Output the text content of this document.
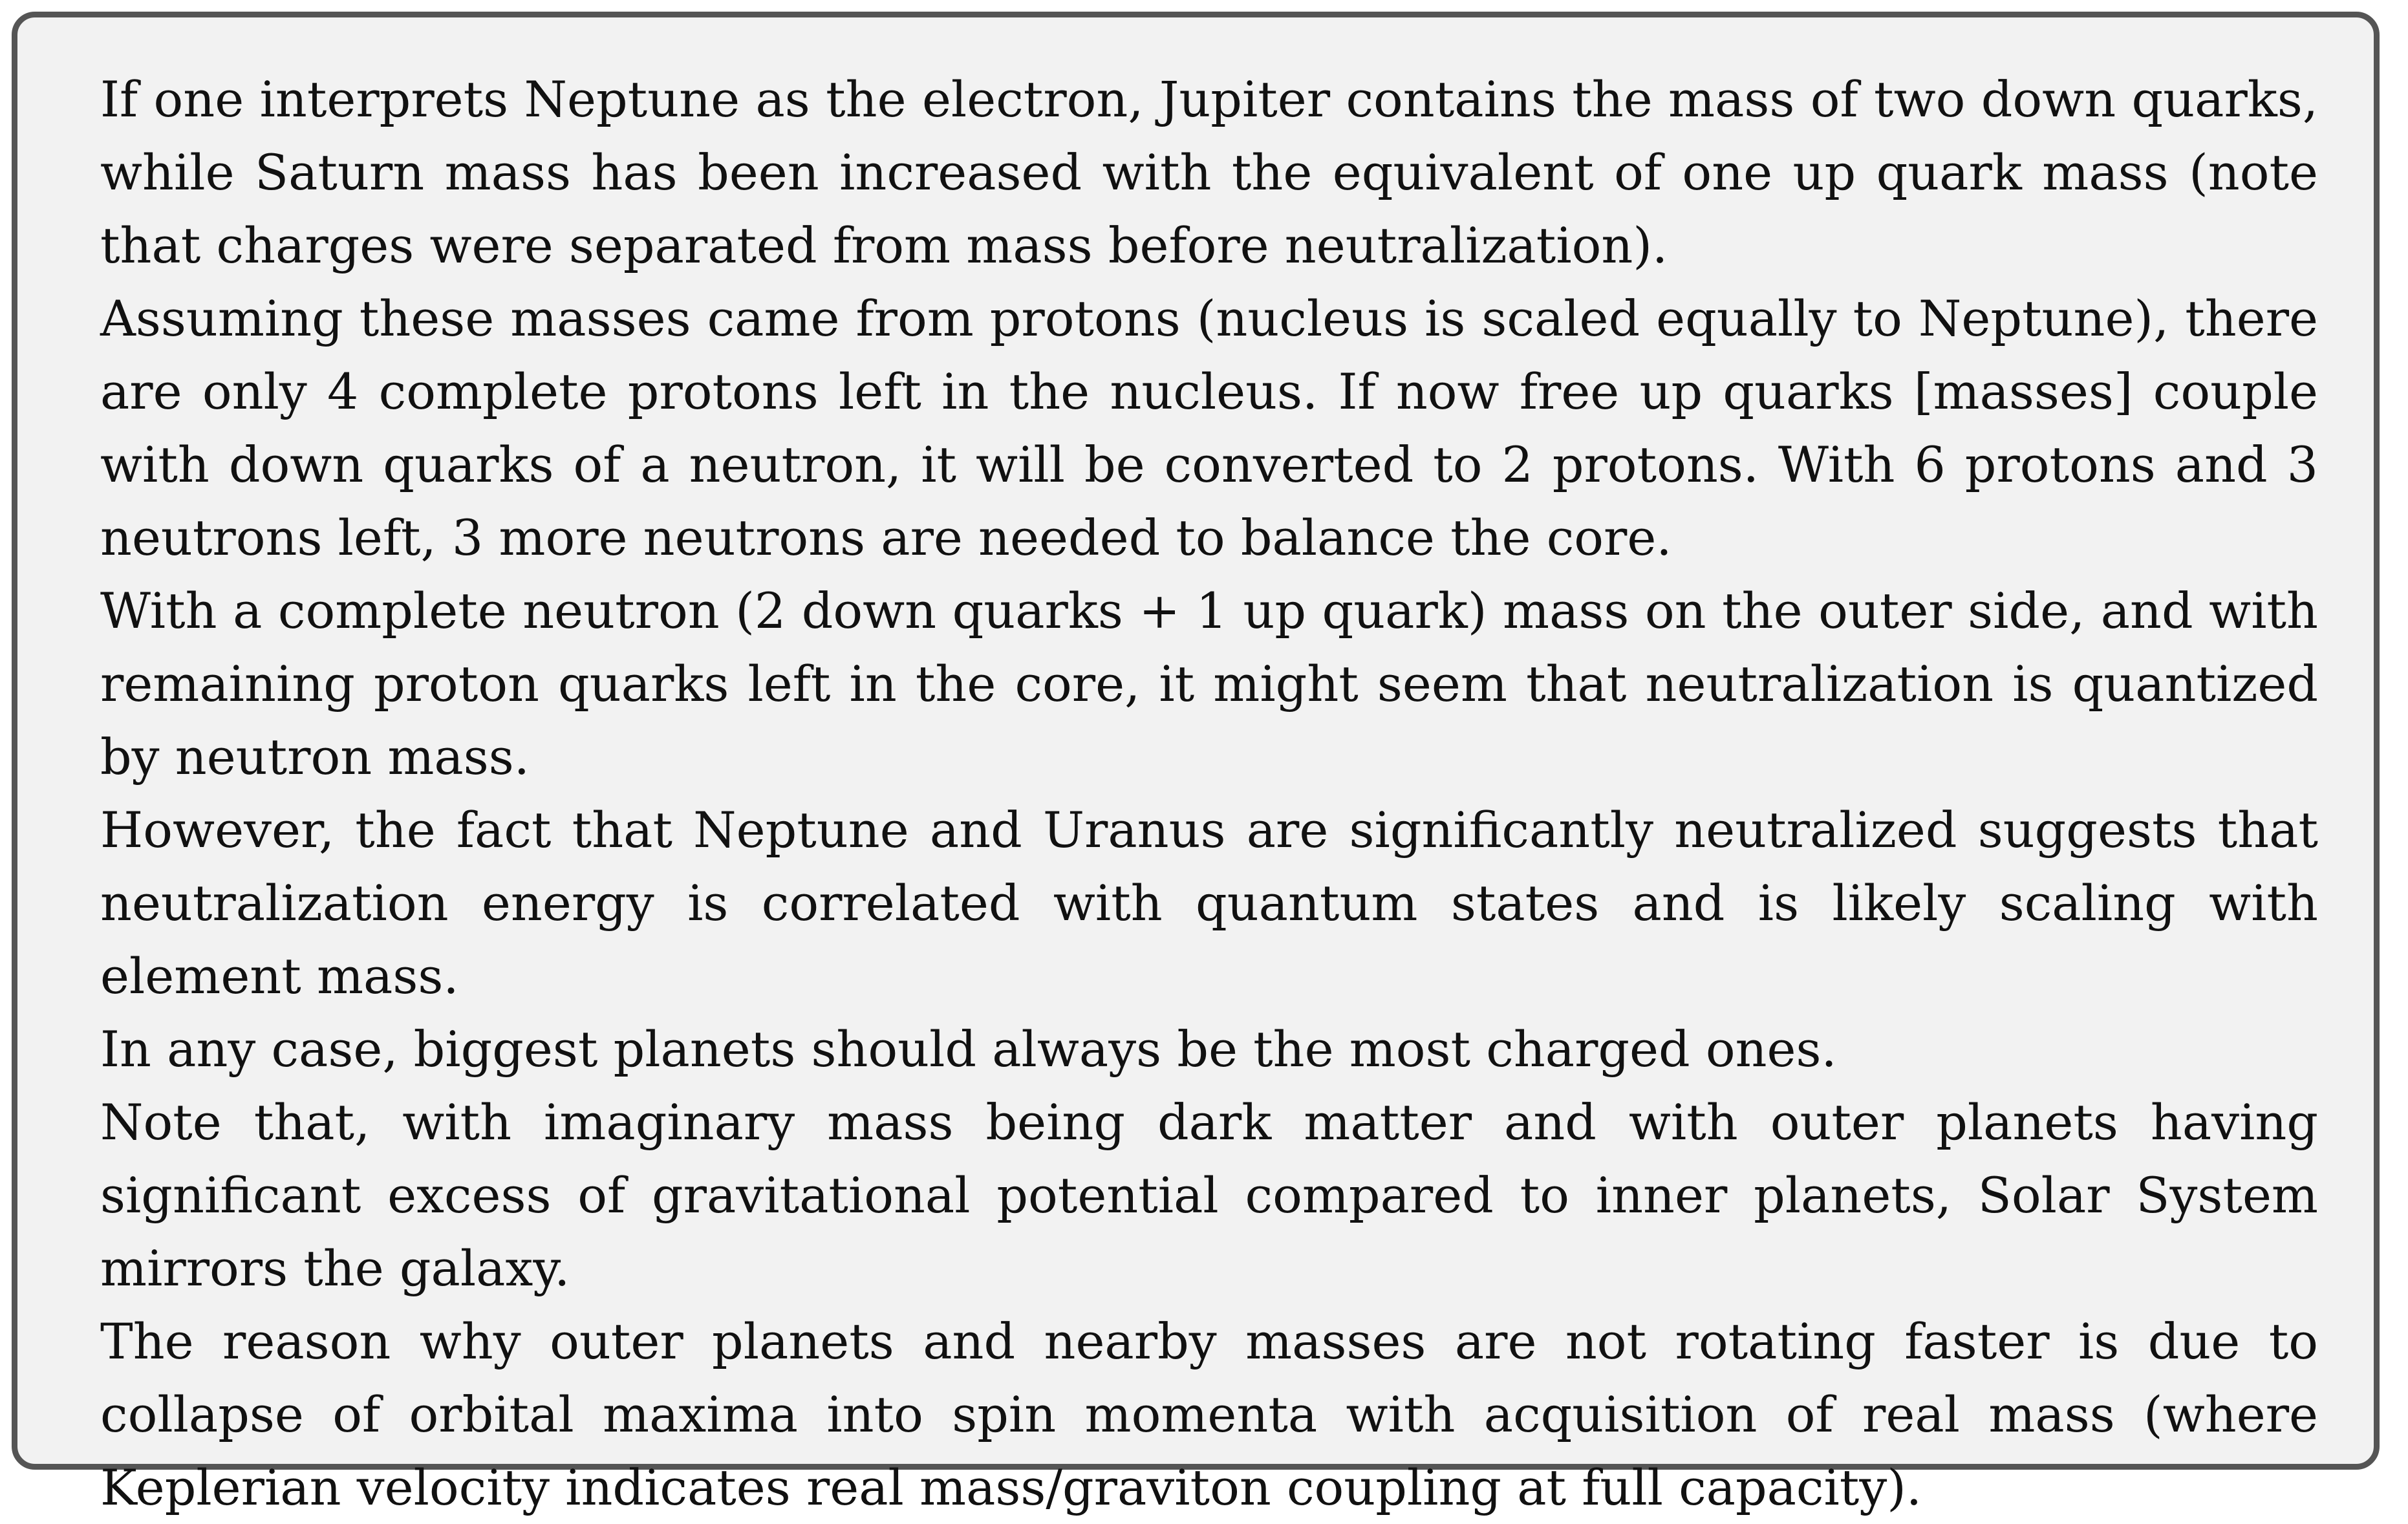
If one interprets Neptune as the electron, Jupiter contains the mass of two down quarks, while Saturn mass has been increased with the equivalent of one up quark mass (note that charges were separated from mass before neutralization).

Assuming these masses came from protons (nucleus is scaled equally to Neptune), there are only 4 complete protons left in the nucleus. If now free up quarks [masses] couple with down quarks of a neutron, it will be converted to 2 protons. With 6 protons and 3 neutrons left, 3 more neutrons are needed to balance the core.

With a complete neutron (2 down quarks + 1 up quark) mass on the outer side, and with remaining proton quarks left in the core, it might seem that neutralization is quantized by neutron mass.

However, the fact that Neptune and Uranus are significantly neutralized suggests that neutralization energy is correlated with quantum states and is likely scaling with element mass.

In any case, biggest planets should always be the most charged ones.

Note that, with imaginary mass being dark matter and with outer planets having significant excess of gravitational potential compared to inner planets, Solar System mirrors the galaxy.

The reason why outer planets and nearby masses are not rotating faster is due to collapse of orbital maxima into spin momenta with acquisition of real mass (where Keplerian velocity indicates real mass/graviton coupling at full capacity).
